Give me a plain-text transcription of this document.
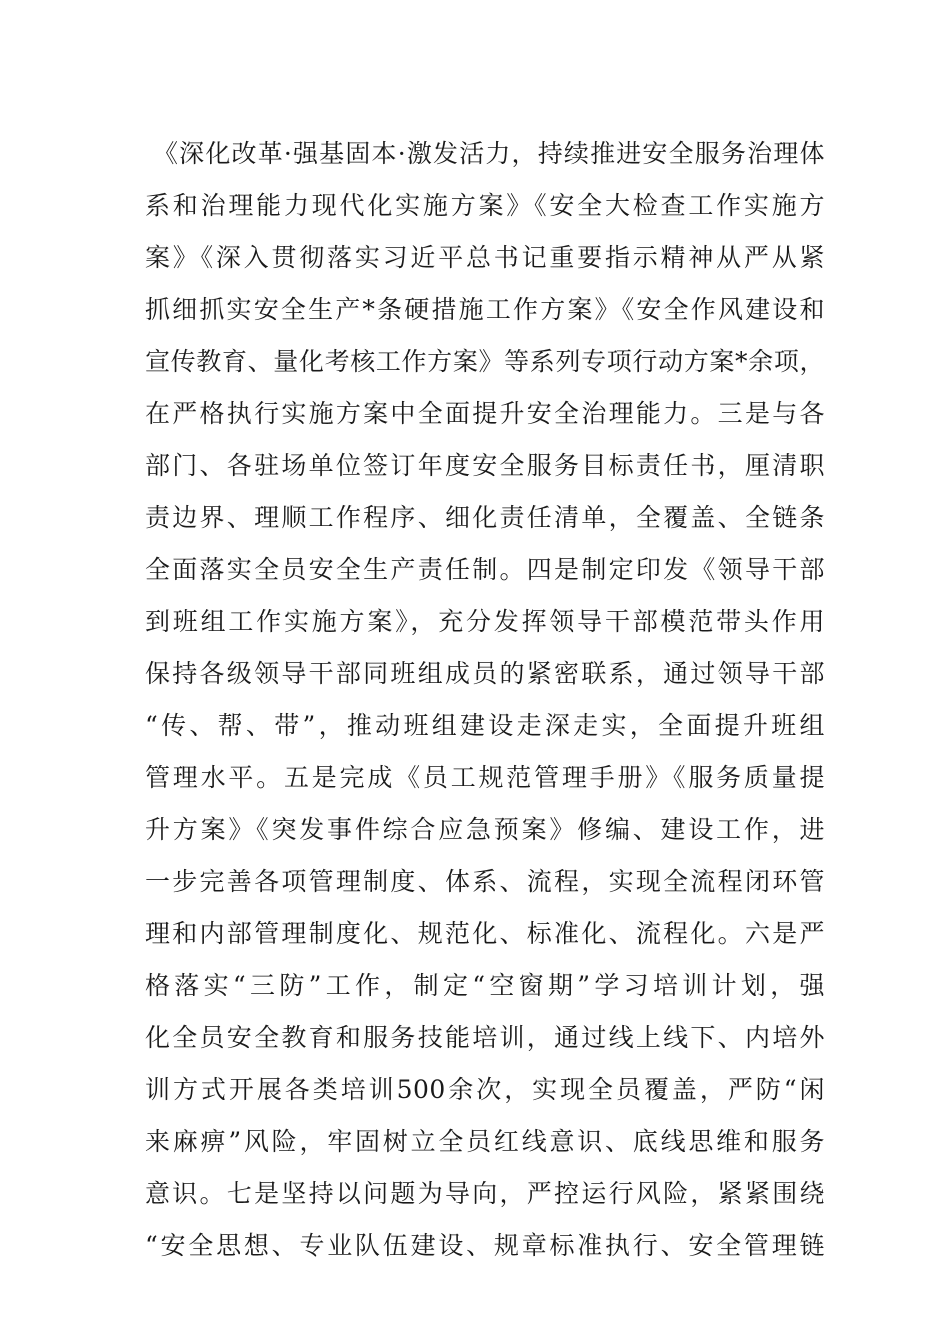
《深化改革·强基固本·激发活力，持续推进安全服务治理体
系和治理能力现代化实施方案》《安全大检查工作实施方
案》《深入贯彻落实习近平总书记重要指示精神从严从紧
抓细抓实安全生产*条硬措施工作方案》《安全作风建设和
宣传教育、量化考核工作方案》等系列专项行动方案*余项，
在严格执行实施方案中全面提升安全治理能力。三是与各
部门、各驻场单位签订年度安全服务目标责任书，厘清职
责边界、理顺工作程序、细化责任清单，全覆盖、全链条
全面落实全员安全生产责任制。四是制定印发《领导干部
到班组工作实施方案》，充分发挥领导干部模范带头作用
保持各级领导干部同班组成员的紧密联系，通过领导干部
“传、帮、带”，推动班组建设走深走实，全面提升班组
管理水平。五是完成《员工规范管理手册》《服务质量提
升方案》《突发事件综合应急预案》修编、建设工作，进
一步完善各项管理制度、体系、流程，实现全流程闭环管
理和内部管理制度化、规范化、标准化、流程化。六是严
格落实“三防”工作，制定“空窗期”学习培训计划，强
化全员安全教育和服务技能培训，通过线上线下、内培外
训方式开展各类培训500余次，实现全员覆盖，严防“闲
来麻痹”风险，牢固树立全员红线意识、底线思维和服务
意识。七是坚持以问题为导向，严控运行风险，紧紧围绕
“安全思想、专业队伍建设、规章标准执行、安全管理链
